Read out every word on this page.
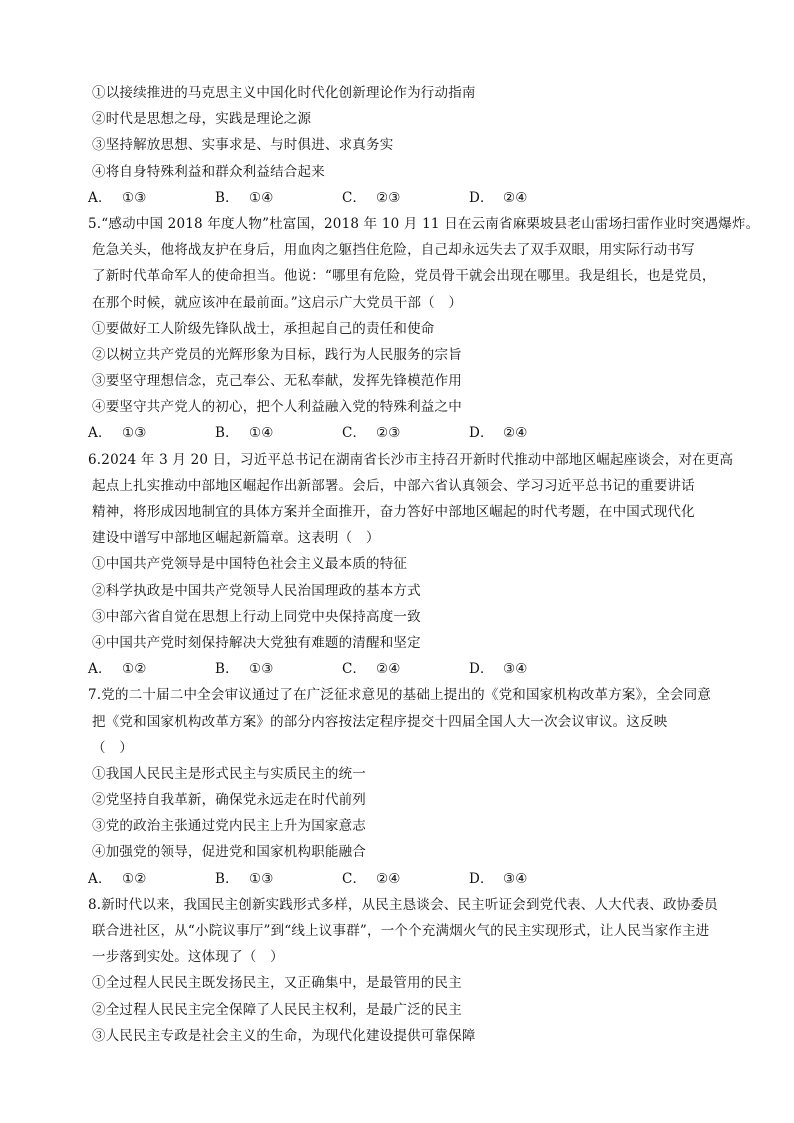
①以接续推进的马克思主义中国化时代化创新理论作为行动指南
②时代是思想之母，实践是理论之源
③坚持解放思想、实事求是、与时俱进、求真务实
④将自身特殊利益和群众利益结合起来
A． ①③	B． ①④	C． ②③	D． ②④
5.“感动中国 2018 年度人物”杜富国，2018 年 10 月 11 日在云南省麻栗坡县老山雷场扫雷作业时突遇爆炸。
危急关头，他将战友护在身后，用血肉之躯挡住危险，自己却永远失去了双手双眼，用实际行动书写
了新时代革命军人的使命担当。他说：“哪里有危险，党员骨干就会出现在哪里。我是组长，也是党员，
在那个时候，就应该冲在最前面。”这启示广大党员干部（　）
①要做好工人阶级先锋队战士，承担起自己的责任和使命
②以树立共产党员的光辉形象为目标，践行为人民服务的宗旨
③要坚守理想信念，克己奉公、无私奉献，发挥先锋模范作用
④要坚守共产党人的初心，把个人利益融入党的特殊利益之中
A． ①③	B． ①④	C． ②③	D． ②④
6.2024 年 3 月 20 日，习近平总书记在湖南省长沙市主持召开新时代推动中部地区崛起座谈会，对在更高
起点上扎实推动中部地区崛起作出新部署。会后，中部六省认真领会、学习习近平总书记的重要讲话
精神，将形成因地制宜的具体方案并全面推开，奋力答好中部地区崛起的时代考题，在中国式现代化
建设中谱写中部地区崛起新篇章。这表明（　）
①中国共产党领导是中国特色社会主义最本质的特征
②科学执政是中国共产党领导人民治国理政的基本方式
③中部六省自觉在思想上行动上同党中央保持高度一致
④中国共产党时刻保持解决大党独有难题的清醒和坚定
A． ①②	B． ①③	C． ②④	D． ③④
7.党的二十届二中全会审议通过了在广泛征求意见的基础上提出的《党和国家机构改革方案》，全会同意
把《党和国家机构改革方案》的部分内容按法定程序提交十四届全国人大一次会议审议。这反映
（　）
①我国人民民主是形式民主与实质民主的统一
②党坚持自我革新，确保党永远走在时代前列
③党的政治主张通过党内民主上升为国家意志
④加强党的领导，促进党和国家机构职能融合
A． ①②	B． ①③	C． ②④	D． ③④
8.新时代以来，我国民主创新实践形式多样，从民主恳谈会、民主听证会到党代表、人大代表、政协委员
联合进社区，从“小院议事厅”到“线上议事群”，一个个充满烟火气的民主实现形式，让人民当家作主进
一步落到实处。这体现了（　）
①全过程人民民主既发扬民主，又正确集中，是最管用的民主
②全过程人民民主完全保障了人民民主权利，是最广泛的民主
③人民民主专政是社会主义的生命，为现代化建设提供可靠保障
